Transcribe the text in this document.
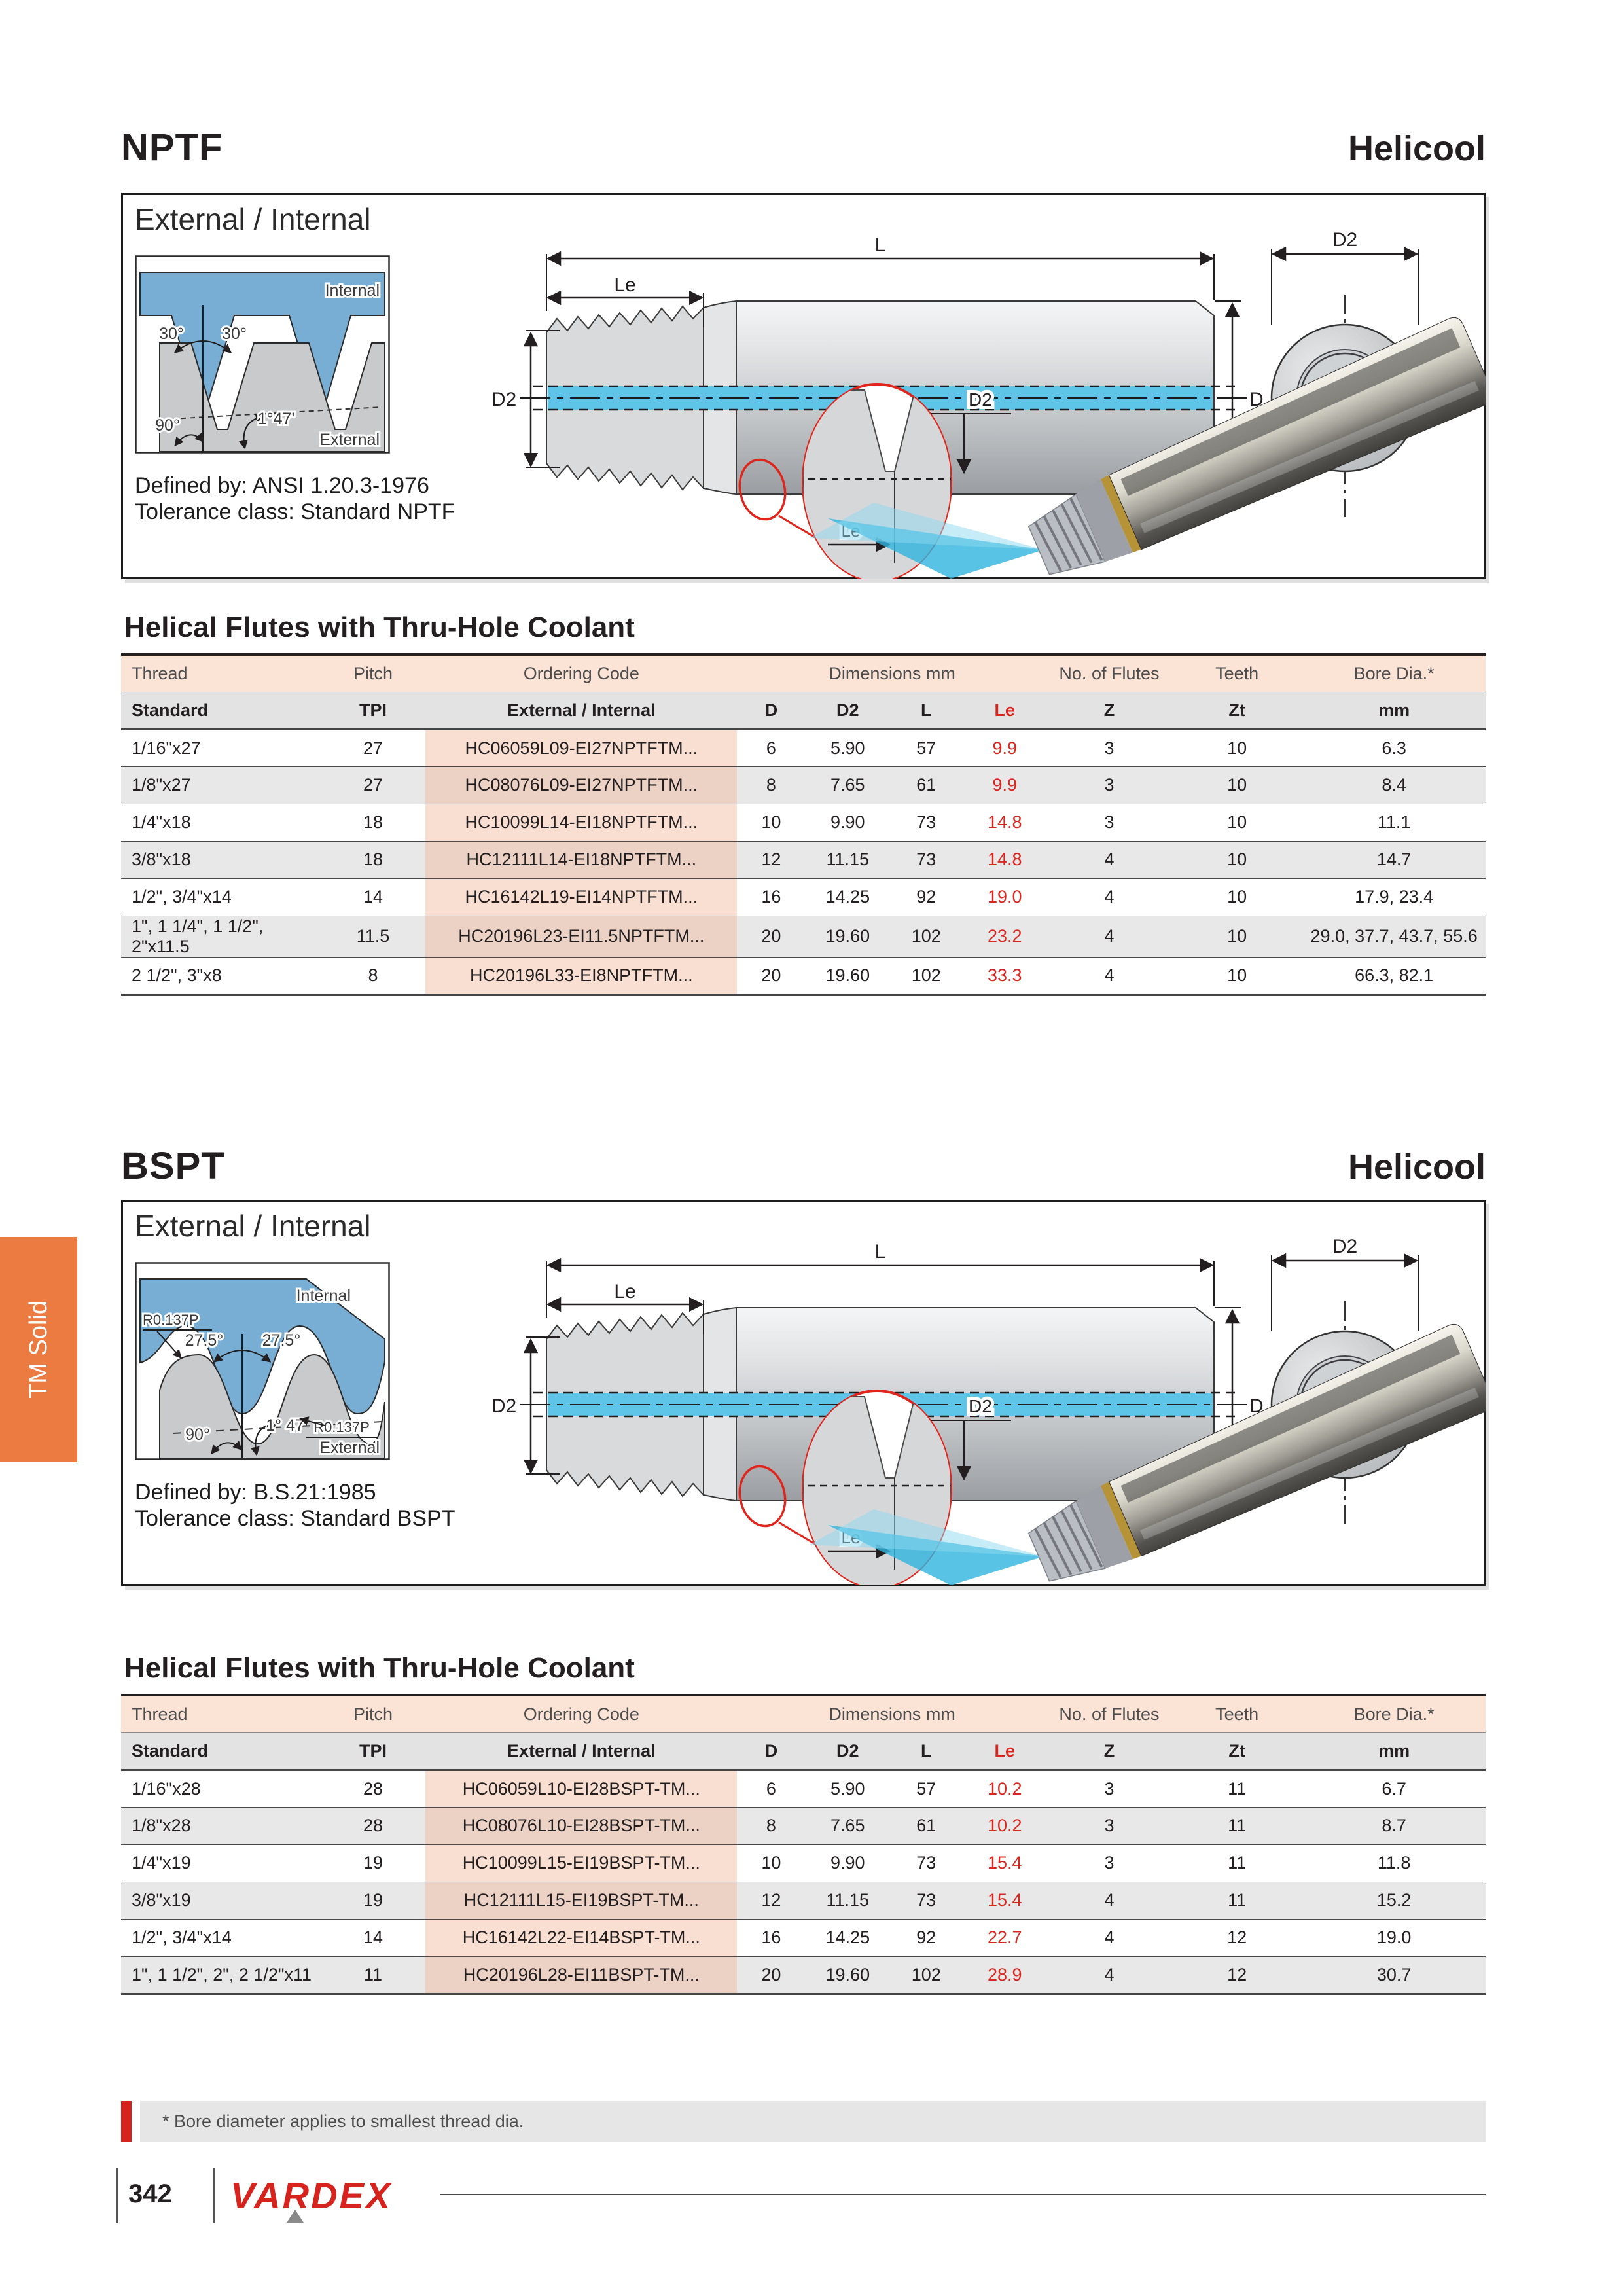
NPTF	Helicool
External / Internal
30° 30°
Internal
90°	1°47'
External
Defined by: ANSI 1.20.3-1976
Tolerance class: Standard NPTF
L
Le
D2	D
D2
D2
Helical Flutes with Thru-Hole Coolant
Thread	Pitch	Ordering Code	Dimensions mm				No. of Flutes	Teeth	Bore Dia.*
Standard	TPI	External / Internal	D	D2	L	Le	Z	Zt	mm
1/16"x27	27	HC06059L09-EI27NPTFTM...	6	5.90	57	9.9	3	10	6.3
1/8"x27	27	HC08076L09-EI27NPTFTM...	8	7.65	61	9.9	3	10	8.4
1/4"x18	18	HC10099L14-EI18NPTFTM...	10	9.90	73	14.8	3	10	11.1
3/8"x18	18	HC12111L14-EI18NPTFTM...	12	11.15	73	14.8	4	10	14.7
1/2", 3/4"x14	14	HC16142L19-EI14NPTFTM...	16	14.25	92	19.0	4	10	17.9, 23.4
1", 1 1/4", 1 1/2", 2"x11.5	11.5	HC20196L23-EI11.5NPTFTM...	20	19.60	102	23.2	4	10	29.0, 37.7, 43.7, 55.6
2 1/2", 3"x8	8	HC20196L33-EI8NPTFTM...	20	19.60	102	33.3	4	10	66.3, 82.1
BSPT	Helicool
External / Internal
R0.137P
27.5° 27.5°
Internal
90°	1° 47' R0.137P
External
Defined by: B.S.21:1985
Tolerance class: Standard BSPT
L
Le
D2	D
D2
D2
Helical Flutes with Thru-Hole Coolant
Thread	Pitch	Ordering Code	Dimensions mm				No. of Flutes	Teeth	Bore Dia.*
Standard	TPI	External / Internal	D	D2	L	Le	Z	Zt	mm
1/16"x28	28	HC06059L10-EI28BSPT-TM...	6	5.90	57	10.2	3	11	6.7
1/8"x28	28	HC08076L10-EI28BSPT-TM...	8	7.65	61	10.2	3	11	8.7
1/4"x19	19	HC10099L15-EI19BSPT-TM...	10	9.90	73	15.4	3	11	11.8
3/8"x19	19	HC12111L15-EI19BSPT-TM...	12	11.15	73	15.4	4	11	15.2
1/2", 3/4"x14	14	HC16142L22-EI14BSPT-TM...	16	14.25	92	22.7	4	12	19.0
1", 1 1/2", 2", 2 1/2"x11	11	HC20196L28-EI11BSPT-TM...	20	19.60	102	28.9	4	12	30.7
TM Solid
* Bore diameter applies to smallest thread dia.
342	VARDEX
